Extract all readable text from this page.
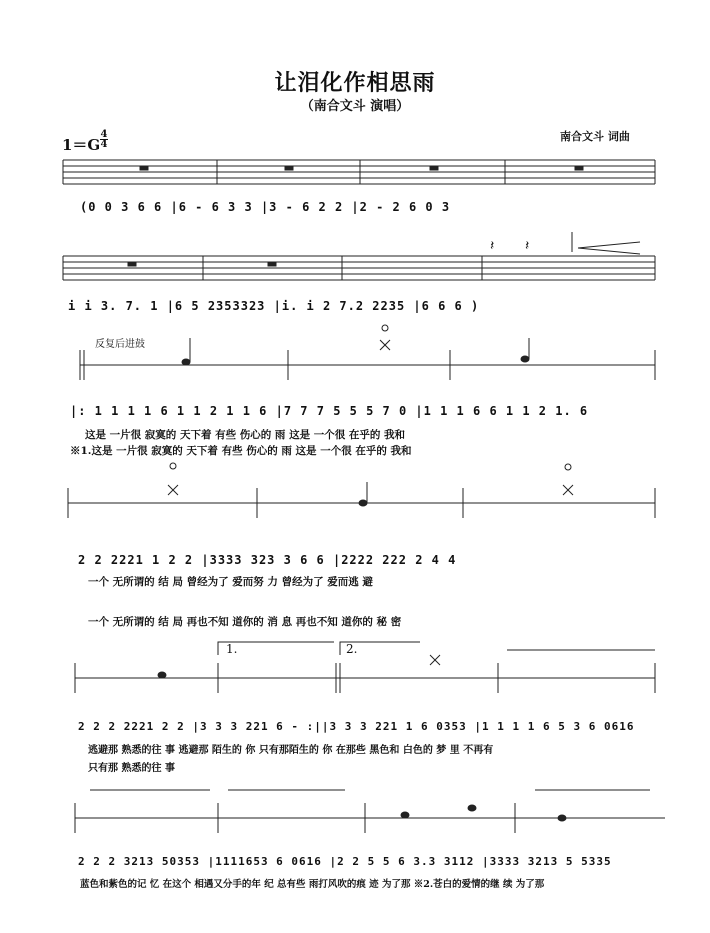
让泪化作相思雨
（南合文斗 演唱）
1＝G
4
4
南合文斗 词曲
𝄽 𝄽
(0 0 3 6 6 |6 - 6 3 3 |3 - 6 2 2 |2 - 2 6 0 3
i i 3. 7. 1 |6 5 2353323 |i. i 2 7.2 2235 |6 6 6 )
反复后进鼓
|: 1 1 1 1 6 1 1 2 1 1 6 |7 7 7 5 5 5 7 0 |1 1 1 6 6 1 1 2 1. 6
这是 一片很 寂寞的 天下着 有些 伤心的 雨 这是 一个很 在乎的 我和
※1.这是 一片很 寂寞的 天下着 有些 伤心的 雨 这是 一个很 在乎的 我和
2 2 2221 1 2 2 |3333 323 3 6 6 |2222 222 2 4 4
一个 无所谓的 结 局 曾经为了 爱而努 力 曾经为了 爱而逃 避
一个 无所谓的 结 局 再也不知 道你的 消 息 再也不知 道你的 秘 密
1.	2.
2 2 2 2221 2 2 |3 3 3 221 6 - :||3 3 3 221 1 6 0353 |1 1 1 1 6 5 3 6 0616
逃避那 熟悉的往 事 逃避那 陌生的 你 只有那陌生的 你 在那些 黑色和 白色的 梦 里 不再有
只有那 熟悉的往 事
2 2 2 3213 50353 |1111653 6 0616 |2 2 5 5 6 3.3 3112 |3333 3213 5 5335
蓝色和紫色的记 忆 在这个 相遇又分手的年 纪 总有些 雨打风吹的痕 迹 为了那 ※2.苍白的爱情的继 续 为了那
